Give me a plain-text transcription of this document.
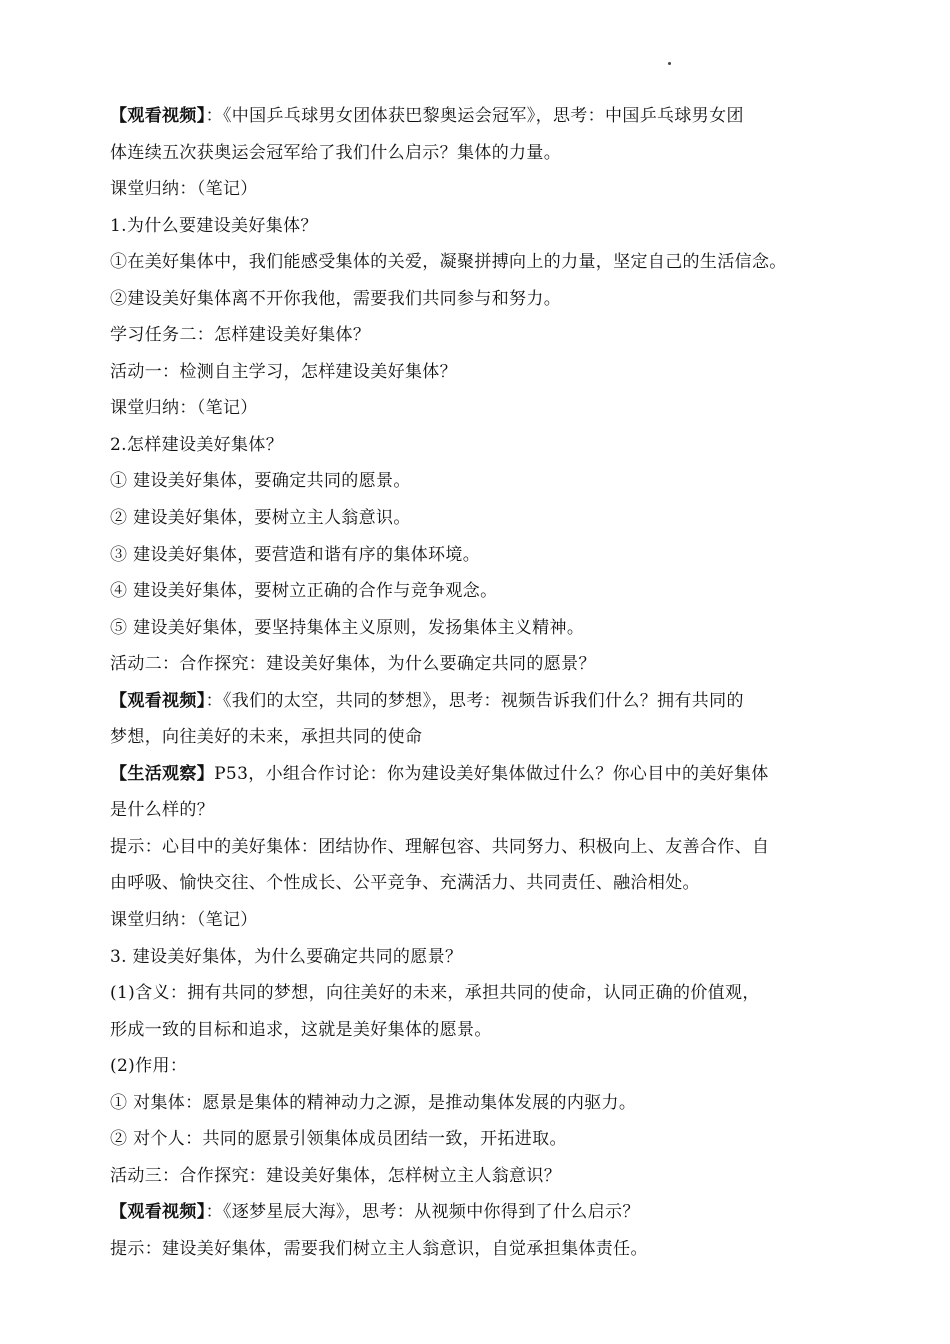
【观看视频】：《中国乒乓球男女团体获巴黎奥运会冠军》，思考：中国乒乓球男女团
体连续五次获奥运会冠军给了我们什么启示？集体的力量。
课堂归纳：（笔记）
1.为什么要建设美好集体？
①在美好集体中，我们能感受集体的关爱，凝聚拼搏向上的力量，坚定自己的生活信念。
②建设美好集体离不开你我他，需要我们共同参与和努力。
学习任务二：怎样建设美好集体？
活动一：检测自主学习，怎样建设美好集体？
课堂归纳：（笔记）
2.怎样建设美好集体？
① 建设美好集体，要确定共同的愿景。
② 建设美好集体，要树立主人翁意识。
③ 建设美好集体，要营造和谐有序的集体环境。
④ 建设美好集体，要树立正确的合作与竞争观念。
⑤ 建设美好集体，要坚持集体主义原则，发扬集体主义精神。
活动二：合作探究：建设美好集体，为什么要确定共同的愿景？
【观看视频】：《我们的太空，共同的梦想》，思考：视频告诉我们什么？拥有共同的
梦想，向往美好的未来，承担共同的使命
【生活观察】P53，小组合作讨论：你为建设美好集体做过什么？你心目中的美好集体
是什么样的？
提示：心目中的美好集体：团结协作、理解包容、共同努力、积极向上、友善合作、自
由呼吸、愉快交往、个性成长、公平竞争、充满活力、共同责任、融洽相处。
课堂归纳：（笔记）
3. 建设美好集体，为什么要确定共同的愿景？
(1)含义：拥有共同的梦想，向往美好的未来，承担共同的使命，认同正确的价值观，
形成一致的目标和追求，这就是美好集体的愿景。
(2)作用：
① 对集体：愿景是集体的精神动力之源，是推动集体发展的内驱力。
② 对个人：共同的愿景引领集体成员团结一致，开拓进取。
活动三：合作探究：建设美好集体，怎样树立主人翁意识？
【观看视频】：《逐梦星辰大海》，思考：从视频中你得到了什么启示？
提示：建设美好集体，需要我们树立主人翁意识，自觉承担集体责任。
